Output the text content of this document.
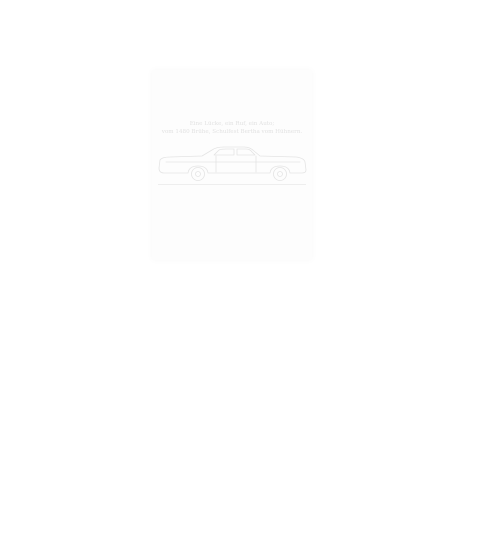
Eine Lücke, ein Ruf, ein Auto;
vom 1480 Brühe, Schulfest Bertha vom Hühnern.
